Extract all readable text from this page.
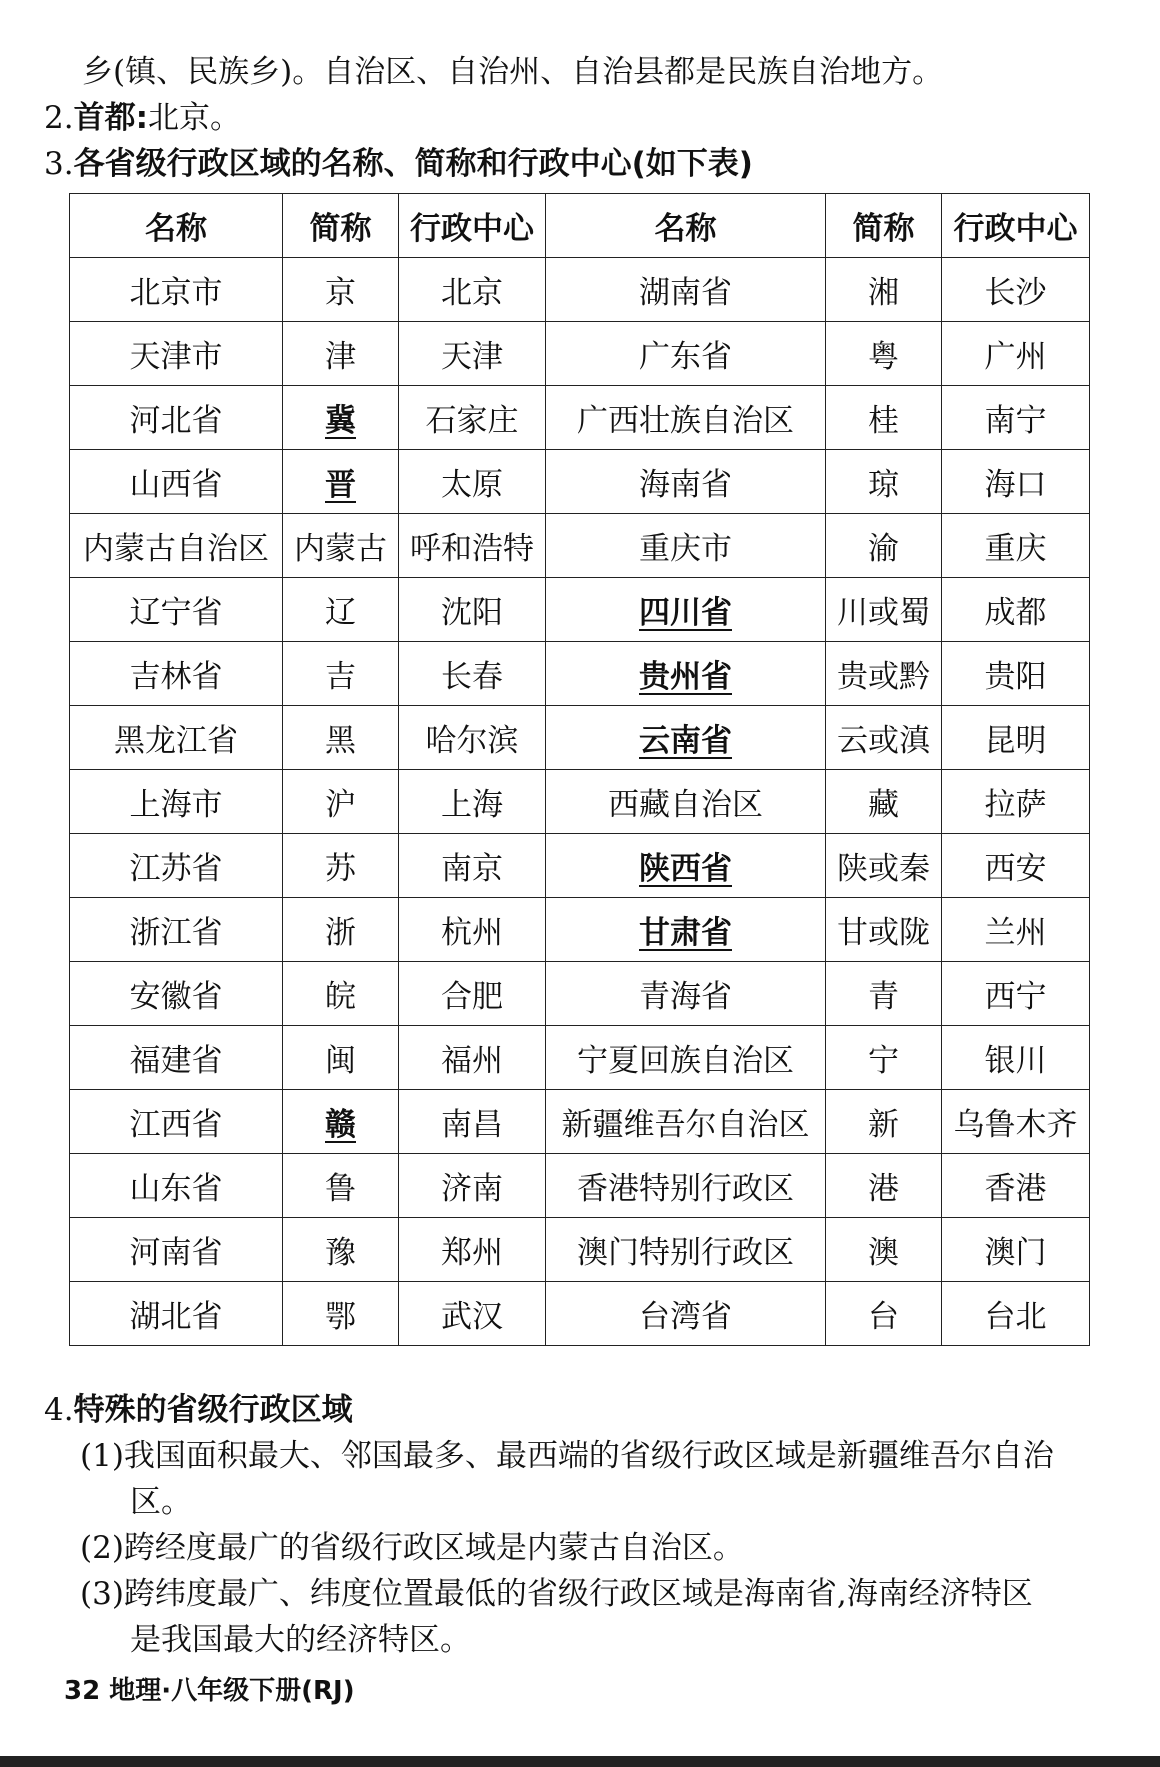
乡(镇、民族乡)。自治区、自治州、自治县都是民族自治地方。
2.首都:北京。
3.各省级行政区域的名称、简称和行政中心(如下表)
名称	简称	行政中心	名称	简称	行政中心
北京市	京	北京	湖南省	湘	长沙
天津市	津	天津	广东省	粤	广州
河北省	冀	石家庄	广西壮族自治区	桂	南宁
山西省	晋	太原	海南省	琼	海口
内蒙古自治区	内蒙古	呼和浩特	重庆市	渝	重庆
辽宁省	辽	沈阳	四川省	川或蜀	成都
吉林省	吉	长春	贵州省	贵或黔	贵阳
黑龙江省	黑	哈尔滨	云南省	云或滇	昆明
上海市	沪	上海	西藏自治区	藏	拉萨
江苏省	苏	南京	陕西省	陕或秦	西安
浙江省	浙	杭州	甘肃省	甘或陇	兰州
安徽省	皖	合肥	青海省	青	西宁
福建省	闽	福州	宁夏回族自治区	宁	银川
江西省	赣	南昌	新疆维吾尔自治区	新	乌鲁木齐
山东省	鲁	济南	香港特别行政区	港	香港
河南省	豫	郑州	澳门特别行政区	澳	澳门
湖北省	鄂	武汉	台湾省	台	台北
4.特殊的省级行政区域
(1)我国面积最大、邻国最多、最西端的省级行政区域是新疆维吾尔自治
区。
(2)跨经度最广的省级行政区域是内蒙古自治区。
(3)跨纬度最广、纬度位置最低的省级行政区域是海南省,海南经济特区
是我国最大的经济特区。
32 地理·八年级下册(RJ)
